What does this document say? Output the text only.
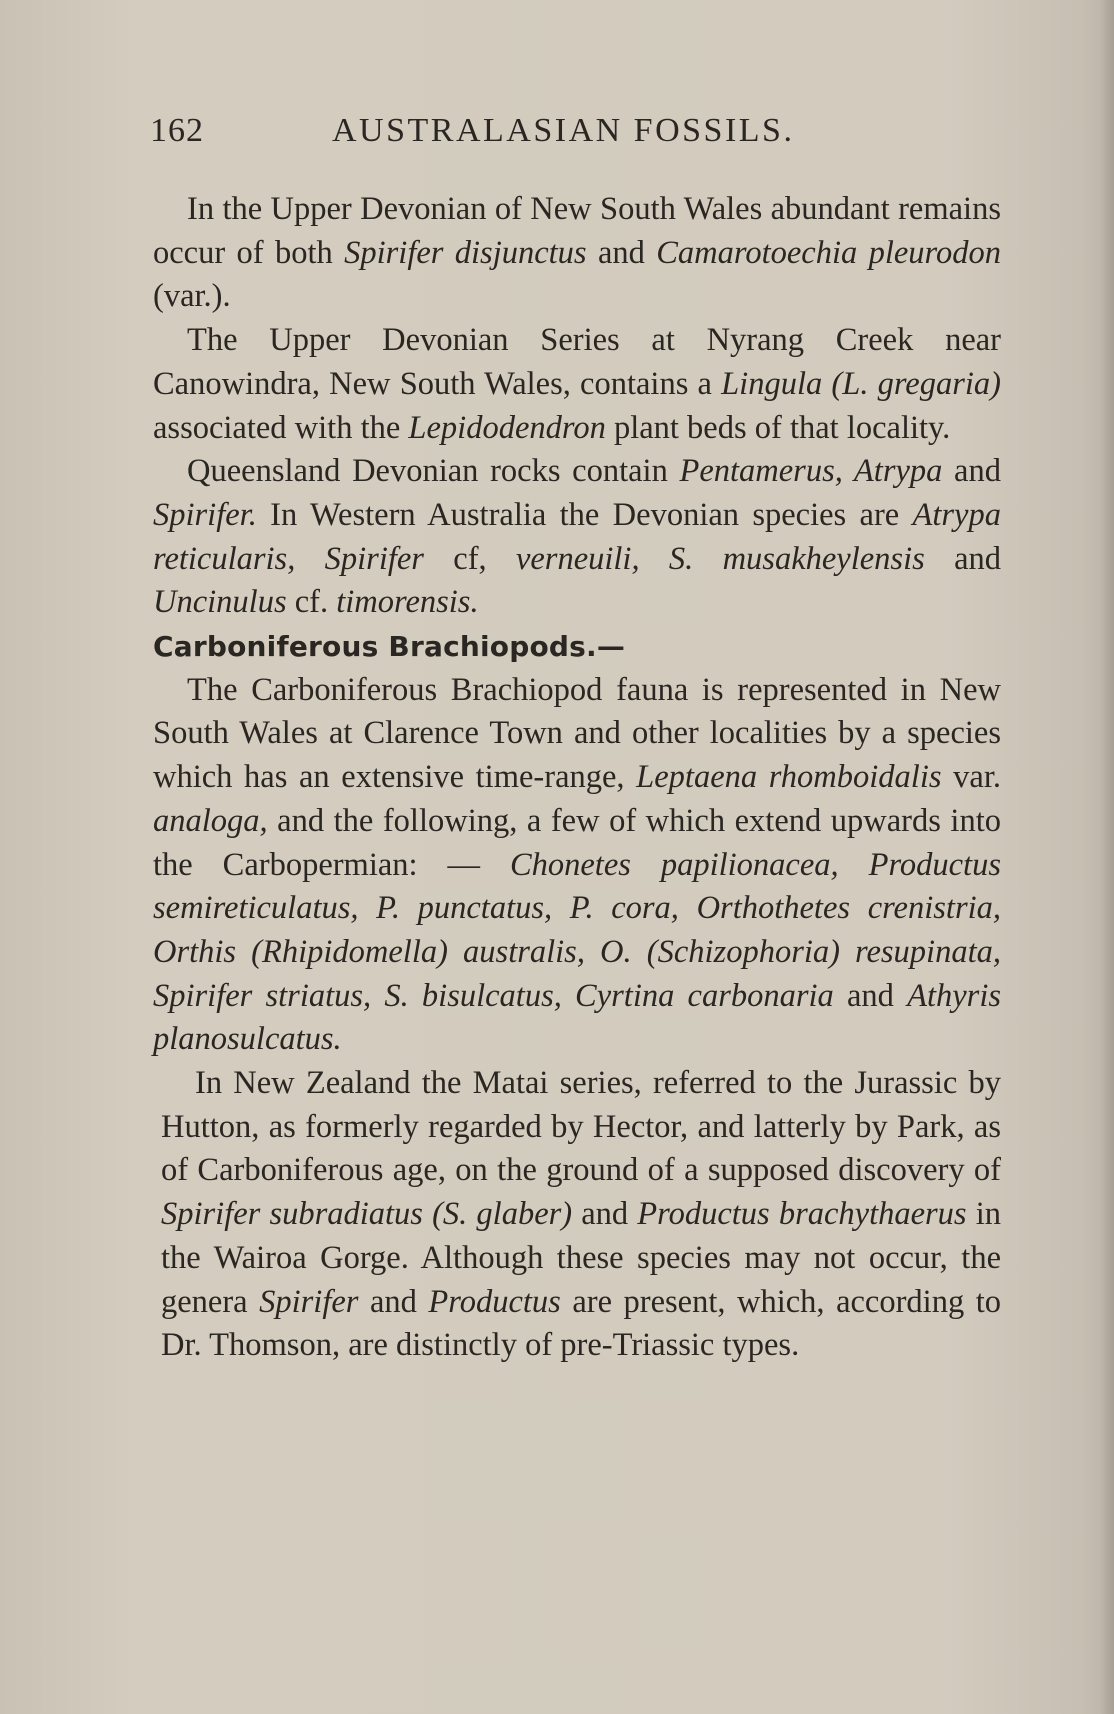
162	AUSTRALASIAN FOSSILS.

In the Upper Devonian of New South Wales abundant remains occur of both Spirifer disjunctus and Camarotoechia pleurodon (var.).

The Upper Devonian Series at Nyrang Creek near Canowindra, New South Wales, contains a Lingula (L. gregaria) associated with the Lepidodendron plant beds of that locality.

Queensland Devonian rocks contain Pentamerus, Atrypa and Spirifer. In Western Australia the Devonian species are Atrypa reticularis, Spirifer cf, verneuili, S. musakheylensis and Uncinulus cf. timorensis.

Carboniferous Brachiopods.—

The Carboniferous Brachiopod fauna is represented in New South Wales at Clarence Town and other localities by a species which has an extensive time-range, Leptaena rhomboidalis var. analoga, and the following, a few of which extend upwards into the Carbopermian: — Chonetes papilionacea, Productus semireticulatus, P. punctatus, P. cora, Orthothetes crenistria, Orthis (Rhipidomella) australis, O. (Schizophoria) resupinata, Spirifer striatus, S. bisulcatus, Cyrtina carbonaria and Athyris planosulcatus.

In New Zealand the Matai series, referred to the Jurassic by Hutton, as formerly regarded by Hector, and latterly by Park, as of Carboniferous age, on the ground of a supposed discovery of Spirifer subradiatus (S. glaber) and Productus brachythaerus in the Wairoa Gorge. Although these species may not occur, the genera Spirifer and Productus are present, which, according to Dr. Thomson, are distinctly of pre-Triassic types.
